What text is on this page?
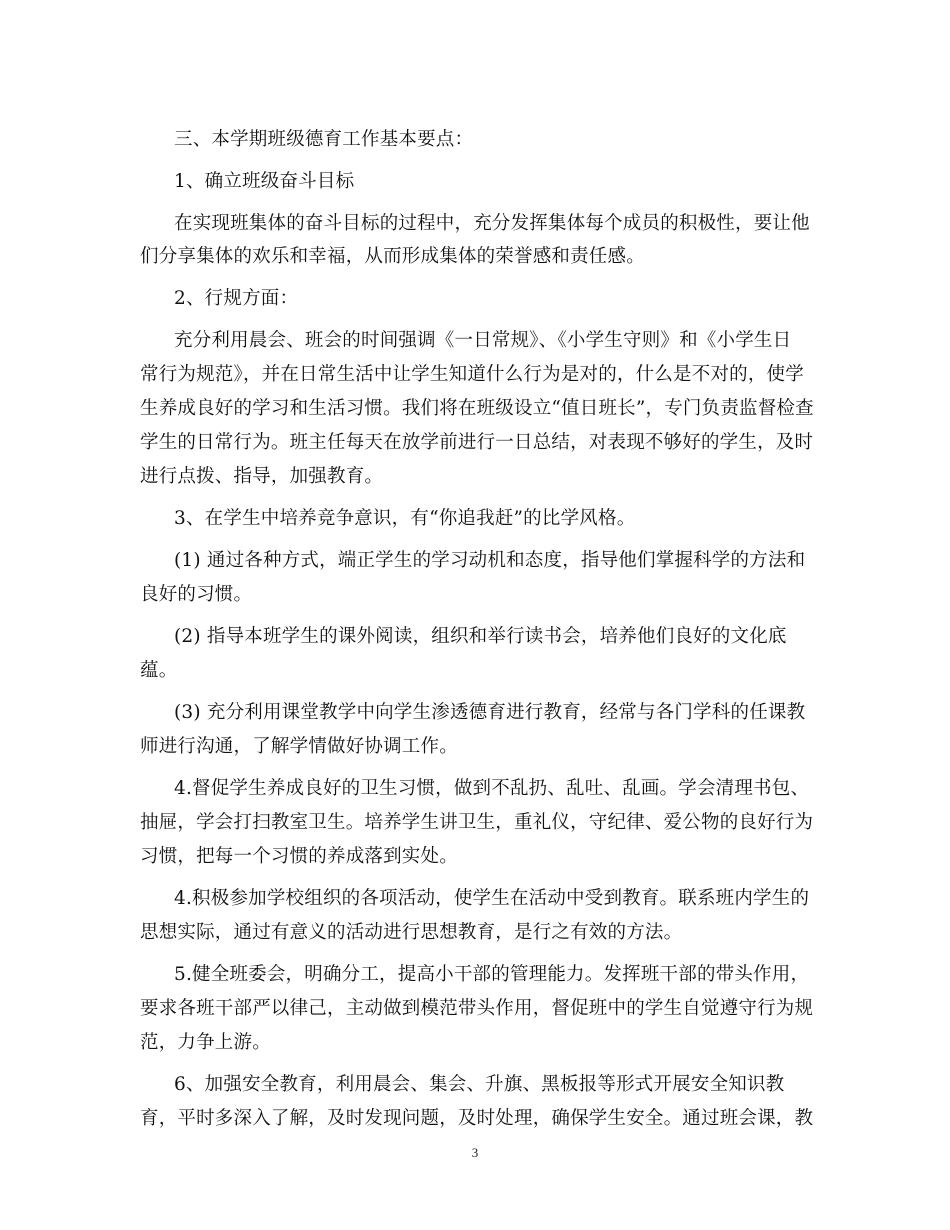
三、本学期班级德育工作基本要点：
1、确立班级奋斗目标
在实现班集体的奋斗目标的过程中，充分发挥集体每个成员的积极性，要让他
们分享集体的欢乐和幸福，从而形成集体的荣誉感和责任感。
2、行规方面：
充分利用晨会、班会的时间强调《一日常规》、《小学生守则》和《小学生日
常行为规范》，并在日常生活中让学生知道什么行为是对的，什么是不对的，使学
生养成良好的学习和生活习惯。我们将在班级设立“值日班长”，专门负责监督检查
学生的日常行为。班主任每天在放学前进行一日总结，对表现不够好的学生，及时
进行点拨、指导，加强教育。
3、在学生中培养竞争意识，有“你追我赶”的比学风格。
(1) 通过各种方式，端正学生的学习动机和态度，指导他们掌握科学的方法和
良好的习惯。
(2) 指导本班学生的课外阅读，组织和举行读书会，培养他们良好的文化底
蕴。
(3) 充分利用课堂教学中向学生渗透德育进行教育，经常与各门学科的任课教
师进行沟通，了解学情做好协调工作。
4.督促学生养成良好的卫生习惯，做到不乱扔、乱吐、乱画。学会清理书包、
抽屉，学会打扫教室卫生。培养学生讲卫生，重礼仪，守纪律、爱公物的良好行为
习惯，把每一个习惯的养成落到实处。
4.积极参加学校组织的各项活动，使学生在活动中受到教育。联系班内学生的
思想实际，通过有意义的活动进行思想教育，是行之有效的方法。
5.健全班委会，明确分工，提高小干部的管理能力。发挥班干部的带头作用，
要求各班干部严以律己，主动做到模范带头作用，督促班中的学生自觉遵守行为规
范，力争上游。
6、加强安全教育，利用晨会、集会、升旗、黑板报等形式开展安全知识教
育，平时多深入了解，及时发现问题，及时处理，确保学生安全。通过班会课，教
3
